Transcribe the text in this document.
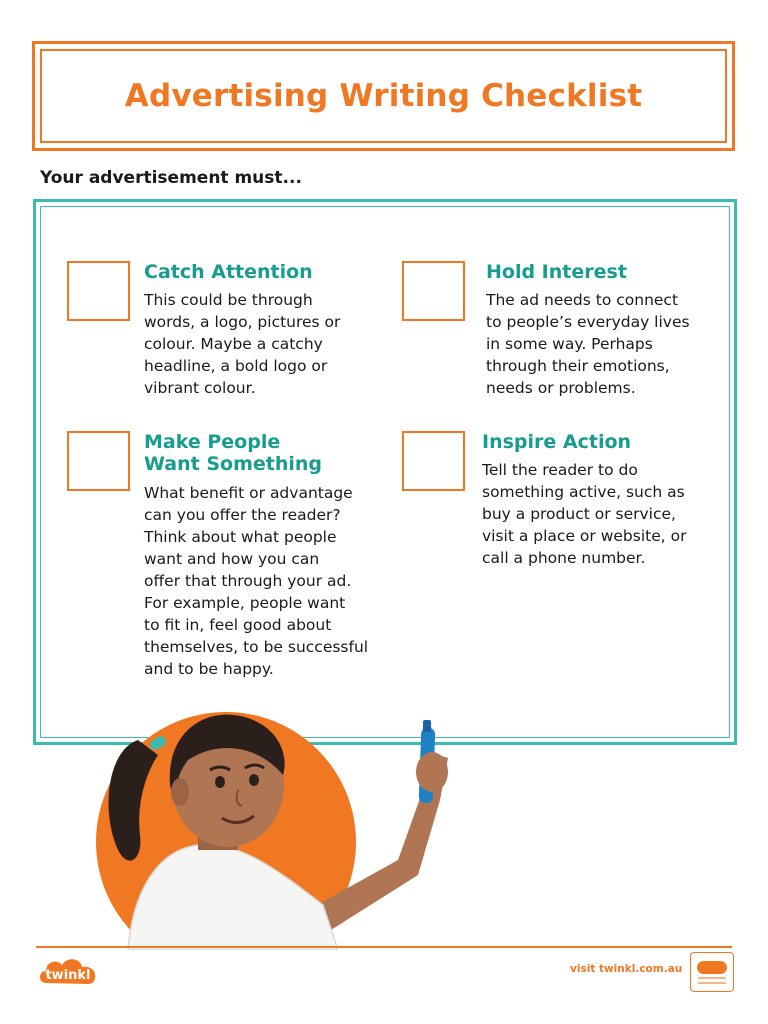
Advertising Writing Checklist
Your advertisement must...
Catch Attention
This could be through
words, a logo, pictures or
colour. Maybe a catchy
headline, a bold logo or
vibrant colour.
Hold Interest
The ad needs to connect
to people’s everyday lives
in some way. Perhaps
through their emotions,
needs or problems.
Make People
Want Something
What benefit or advantage
can you offer the reader?
Think about what people
want and how you can
offer that through your ad.
For example, people want
to fit in, feel good about
themselves, to be successful
and to be happy.
Inspire Action
Tell the reader to do
something active, such as
buy a product or service,
visit a place or website, or
call a phone number.
twinkl	visit twinkl.com.au
